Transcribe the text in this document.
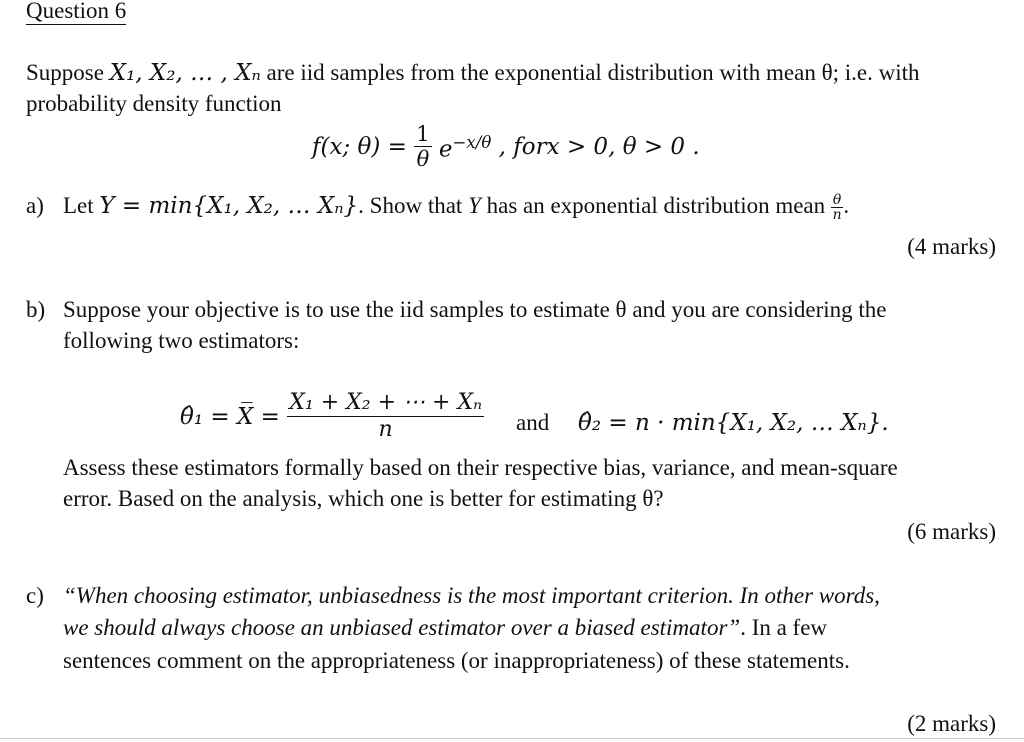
Question 6
Suppose X₁, X₂, … , Xₙ are iid samples from the exponential distribution with mean θ; i.e. with
probability density function
f(x; $\theta) = \frac{1}{\theta} e^{-x/\theta}$ , forx > 0, θ > 0 .
a) Let Y = min{X₁, X₂, … Xₙ}. Show that Y has an exponential distribution mean $\frac{\theta}{n}$ .
(4 marks)
b) Suppose your objective is to use the iid samples to estimate θ and you are considering the
following two estimators:
θ̂₁ = X̅ = $\frac{\text{X₁ + X₂ + ⋯ + Xₙ}}{n}$ and θ̂₂ = n · min{X₁, X₂, … Xₙ}.
Assess these estimators formally based on their respective bias, variance, and mean-square
error. Based on the analysis, which one is better for estimating θ?
(6 marks)
c) “When choosing estimator, unbiasedness is the most important criterion. In other words,
we should always choose an unbiased estimator over a biased estimator”. In a few
sentences comment on the appropriateness (or inappropriateness) of these statements.
(2 marks)
